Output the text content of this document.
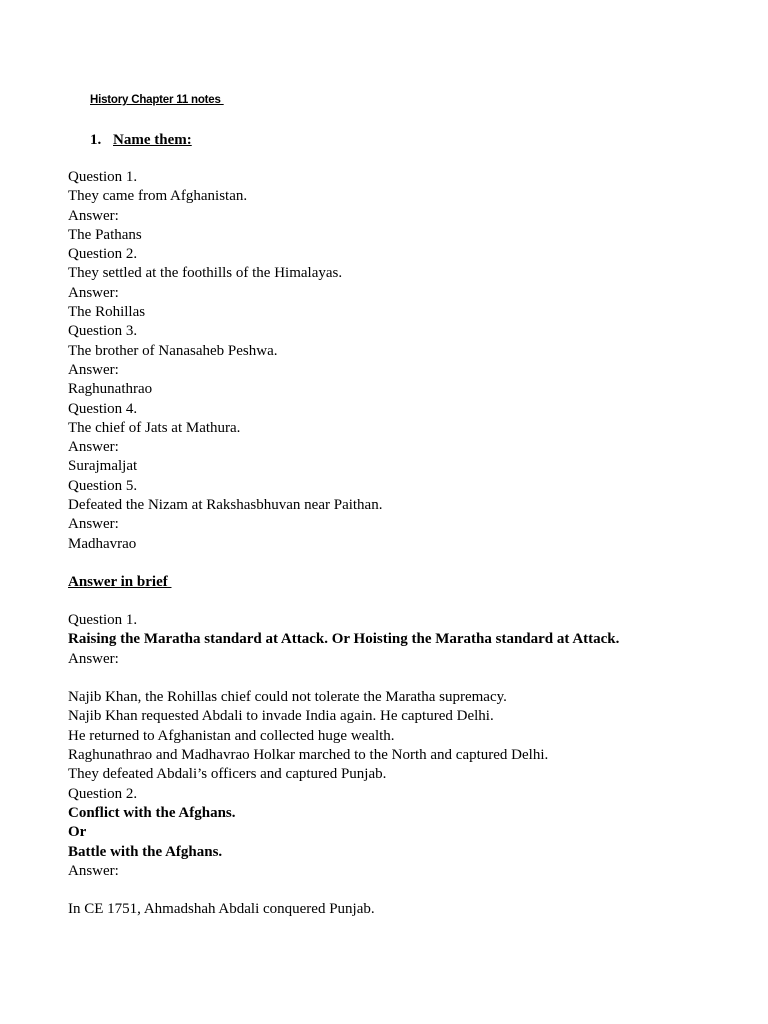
History Chapter 11 notes
1. Name them:
Question 1.
They came from Afghanistan.
Answer:
The Pathans
Question 2.
They settled at the foothills of the Himalayas.
Answer:
The Rohillas
Question 3.
The brother of Nanasaheb Peshwa.
Answer:
Raghunathrao
Question 4.
The chief of Jats at Mathura.
Answer:
Surajmaljat
Question 5.
Defeated the Nizam at Rakshasbhuvan near Paithan.
Answer:
Madhavrao
Answer in brief
Question 1.
Raising the Maratha standard at Attack. Or Hoisting the Maratha standard at Attack.
Answer:
Najib Khan, the Rohillas chief could not tolerate the Maratha supremacy.
Najib Khan requested Abdali to invade India again. He captured Delhi.
He returned to Afghanistan and collected huge wealth.
Raghunathrao and Madhavrao Holkar marched to the North and captured Delhi.
They defeated Abdali’s officers and captured Punjab.
Question 2.
Conflict with the Afghans.
Or
Battle with the Afghans.
Answer:
In CE 1751, Ahmadshah Abdali conquered Punjab.
